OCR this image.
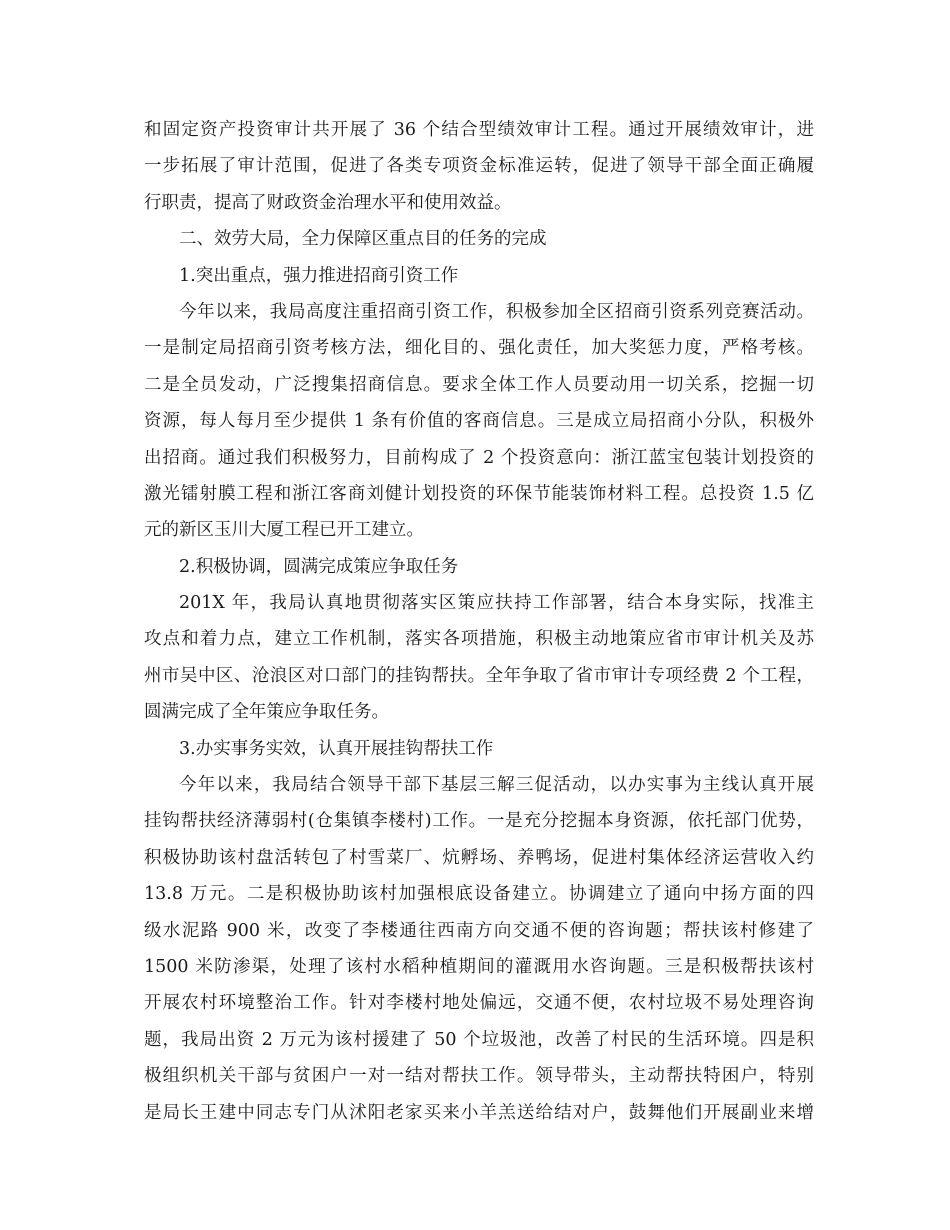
和固定资产投资审计共开展了 36 个结合型绩效审计工程。通过开展绩效审计，进
一步拓展了审计范围，促进了各类专项资金标准运转，促进了领导干部全面正确履
行职责，提高了财政资金治理水平和使用效益。
二、效劳大局，全力保障区重点目的任务的完成
1.突出重点，强力推进招商引资工作
今年以来，我局高度注重招商引资工作，积极参加全区招商引资系列竞赛活动。
一是制定局招商引资考核方法，细化目的、强化责任，加大奖惩力度，严格考核。
二是全员发动，广泛搜集招商信息。要求全体工作人员要动用一切关系，挖掘一切
资源，每人每月至少提供 1 条有价值的客商信息。三是成立局招商小分队，积极外
出招商。通过我们积极努力，目前构成了 2 个投资意向：浙江蓝宝包装计划投资的
激光镭射膜工程和浙江客商刘健计划投资的环保节能装饰材料工程。总投资 1.5 亿
元的新区玉川大厦工程已开工建立。
2.积极协调，圆满完成策应争取任务
201X 年，我局认真地贯彻落实区策应扶持工作部署，结合本身实际，找准主
攻点和着力点，建立工作机制，落实各项措施，积极主动地策应省市审计机关及苏
州市吴中区、沧浪区对口部门的挂钩帮扶。全年争取了省市审计专项经费 2 个工程，
圆满完成了全年策应争取任务。
3.办实事务实效，认真开展挂钩帮扶工作
今年以来，我局结合领导干部下基层三解三促活动，以办实事为主线认真开展
挂钩帮扶经济薄弱村(仓集镇李楼村)工作。一是充分挖掘本身资源，依托部门优势，
积极协助该村盘活转包了村雪菜厂、炕孵场、养鸭场，促进村集体经济运营收入约
13.8 万元。二是积极协助该村加强根底设备建立。协调建立了通向中扬方面的四
级水泥路 900 米，改变了李楼通往西南方向交通不便的咨询题；帮扶该村修建了
1500 米防渗渠，处理了该村水稻种植期间的灌溉用水咨询题。三是积极帮扶该村
开展农村环境整治工作。针对李楼村地处偏远，交通不便，农村垃圾不易处理咨询
题，我局出资 2 万元为该村援建了 50 个垃圾池，改善了村民的生活环境。四是积
极组织机关干部与贫困户一对一结对帮扶工作。领导带头，主动帮扶特困户，特别
是局长王建中同志专门从沭阳老家买来小羊羔送给结对户，鼓舞他们开展副业来增
